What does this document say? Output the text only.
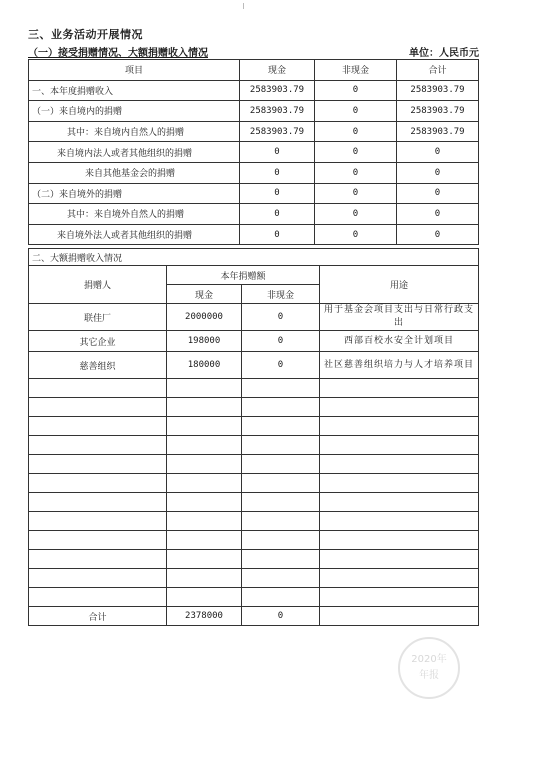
三、业务活动开展情况
（一）接受捐赠情况、大额捐赠收入情况	单位：人民币元
项目	现金	非现金	合计
一、本年度捐赠收入	2583903.79	0	2583903.79
（一）来自境内的捐赠	2583903.79	0	2583903.79
其中：来自境内自然人的捐赠	2583903.79	0	2583903.79
来自境内法人或者其他组织的捐赠	0	0	0
来自其他基金会的捐赠	0	0	0
（二）来自境外的捐赠	0	0	0
其中：来自境外自然人的捐赠	0	0	0
来自境外法人或者其他组织的捐赠	0	0	0
二、大额捐赠收入情况			
捐赠人	本年捐赠额		用途
	现金	非现金	
联佳厂	2000000	0	用于基金会项目支出与日常行政支出
其它企业	198000	0	西部百校水安全计划项目
慈善组织	180000	0	社区慈善组织培力与人才培养项目

合计	2378000	0	
2020年
年报
